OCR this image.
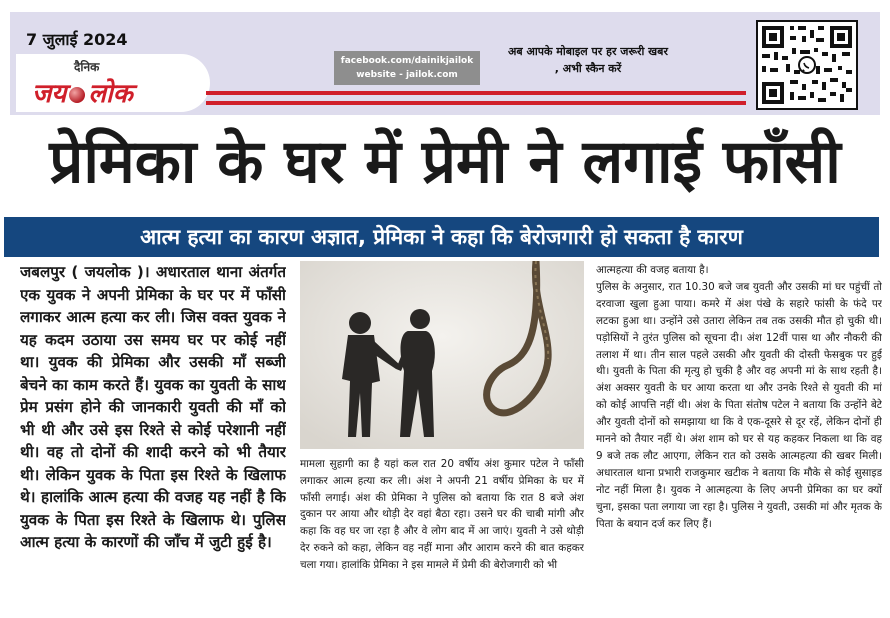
7 जुलाई 2024
दैनिक
जय लोक
facebook.com/dainikjailok
website - jailok.com
अब आपके मोबाइल पर हर जरूरी खबर
, अभी स्कैन करें
प्रेमिका के घर में प्रेमी ने लगाई फाँसी
आत्म हत्या का कारण अज्ञात, प्रेमिका ने कहा कि बेरोजगारी हो सकता है कारण

जबलपुर ( जयलोक )। अधारताल थाना अंतर्गत एक युवक ने अपनी प्रेमिका के घर पर में फाँसी लगाकर आत्म हत्या कर ली। जिस वक्त युवक ने यह कदम उठाया उस समय घर पर कोई नहीं था। युवक की प्रेमिका और उसकी माँ सब्जी बेचने का काम करते हैं। युवक का युवती के साथ प्रेम प्रसंग होने की जानकारी युवती की माँ को भी थी और उसे इस रिश्ते से कोई परेशानी नहीं थी। वह तो दोनों की शादी करने को भी तैयार थी। लेकिन युवक के पिता इस रिश्ते के खिलाफ थे। हालांकि आत्म हत्या की वजह यह नहीं है कि युवक के पिता इस रिश्ते के खिलाफ थे। पुलिस आत्म हत्या के कारणों की जाँच में जुटी हुई है।

मामला सुहागी का है यहां कल रात 20 वर्षीय अंश कुमार पटेल ने फाँसी लगाकर आत्म हत्या कर ली। अंश ने अपनी 21 वर्षीय प्रेमिका के घर में फाँसी लगाई। अंश की प्रेमिका ने पुलिस को बताया कि रात 8 बजे अंश दुकान पर आया और थोड़ी देर वहां बैठा रहा। उसने घर की चाबी मांगी और कहा कि वह घर जा रहा है और वे लोग बाद में आ जाएं। युवती ने उसे थोड़ी देर रुकने को कहा, लेकिन वह नहीं माना और आराम करने की बात कहकर चला गया। हालांकि प्रेमिका ने इस मामले में प्रेमी की बेरोजगारी को भी

आत्महत्या की वजह बताया है।

पुलिस के अनुसार, रात 10.30 बजे जब युवती और उसकी मां घर पहुंचीं तो दरवाजा खुला हुआ पाया। कमरे में अंश पंखे के सहारे फांसी के फंदे पर लटका हुआ था। उन्होंने उसे उतारा लेकिन तब तक उसकी मौत हो चुकी थी। पड़ोसियों ने तुरंत पुलिस को सूचना दी। अंश 12वीं पास था और नौकरी की तलाश में था। तीन साल पहले उसकी और युवती की दोस्ती फेसबुक पर हुई थी। युवती के पिता की मृत्यु हो चुकी है और वह अपनी मां के साथ रहती है। अंश अक्सर युवती के घर आया करता था और उनके रिश्ते से युवती की मां को कोई आपत्ति नहीं थी। अंश के पिता संतोष पटेल ने बताया कि उन्होंने बेटे और युवती दोनों को समझाया था कि वे एक-दूसरे से दूर रहें, लेकिन दोनों ही मानने को तैयार नहीं थे। अंश शाम को घर से यह कहकर निकला था कि वह 9 बजे तक लौट आएगा, लेकिन रात को उसके आत्महत्या की खबर मिली। अधारताल थाना प्रभारी राजकुमार खटीक ने बताया कि मौके से कोई सुसाइड नोट नहीं मिला है। युवक ने आत्महत्या के लिए अपनी प्रेमिका का घर क्यों चुना, इसका पता लगाया जा रहा है। पुलिस ने युवती, उसकी मां और मृतक के पिता के बयान दर्ज कर लिए हैं।
